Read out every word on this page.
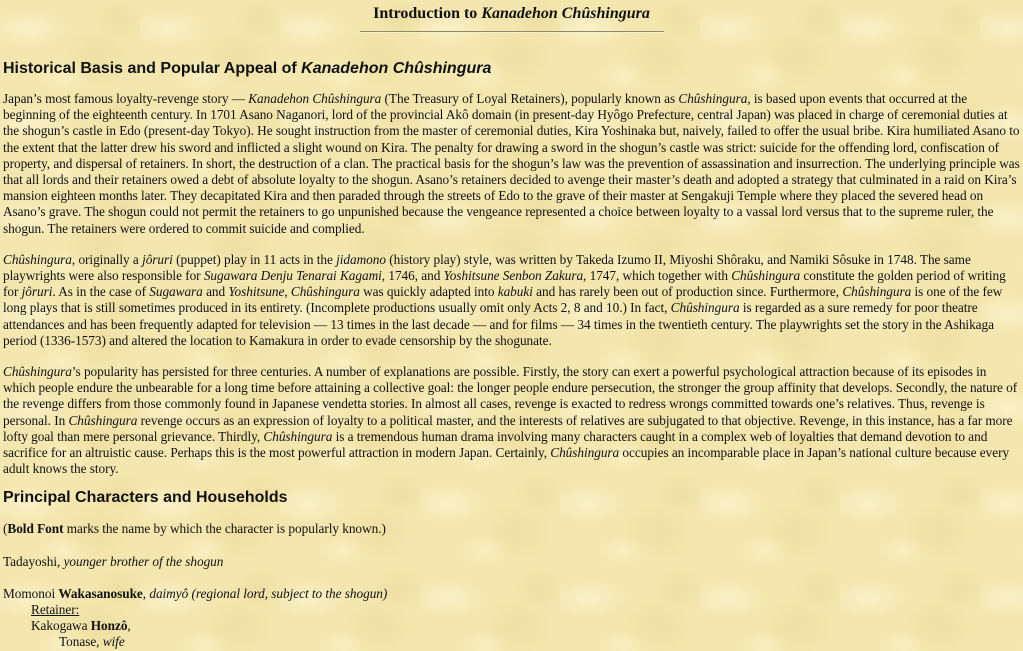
Introduction to Kanadehon Chûshingura
Historical Basis and Popular Appeal of Kanadehon Chûshingura

Japan’s most famous loyalty-revenge story — Kanadehon Chûshingura (The Treasury of Loyal Retainers), popularly known as Chûshingura, is based upon events that occurred at the beginning of the eighteenth century. In 1701 Asano Naganori, lord of the provincial Akô domain (in present-day Hyôgo Prefecture, central Japan) was placed in charge of ceremonial duties at the shogun’s castle in Edo (present-day Tokyo). He sought instruction from the master of ceremonial duties, Kira Yoshinaka but, naively, failed to offer the usual bribe. Kira humiliated Asano to the extent that the latter drew his sword and inflicted a slight wound on Kira. The penalty for drawing a sword in the shogun’s castle was strict: suicide for the offending lord, confiscation of property, and dispersal of retainers. In short, the destruction of a clan. The practical basis for the shogun’s law was the prevention of assassination and insurrection. The underlying principle was that all lords and their retainers owed a debt of absolute loyalty to the shogun. Asano’s retainers decided to avenge their master’s death and adopted a strategy that culminated in a raid on Kira’s mansion eighteen months later. They decapitated Kira and then paraded through the streets of Edo to the grave of their master at Sengakuji Temple where they placed the severed head on Asano’s grave. The shogun could not permit the retainers to go unpunished because the vengeance represented a choice between loyalty to a vassal lord versus that to the supreme ruler, the shogun. The retainers were ordered to commit suicide and complied.

Chûshingura, originally a jôruri (puppet) play in 11 acts in the jidamono (history play) style, was written by Takeda Izumo II, Miyoshi Shôraku, and Namiki Sôsuke in 1748. The same playwrights were also responsible for Sugawara Denju Tenarai Kagami, 1746, and Yoshitsune Senbon Zakura, 1747, which together with Chûshingura constitute the golden period of writing for jôruri. As in the case of Sugawara and Yoshitsune, Chûshingura was quickly adapted into kabuki and has rarely been out of production since. Furthermore, Chûshingura is one of the few long plays that is still sometimes produced in its entirety. (Incomplete productions usually omit only Acts 2, 8 and 10.) In fact, Chûshingura is regarded as a sure remedy for poor theatre attendances and has been frequently adapted for television — 13 times in the last decade — and for films — 34 times in the twentieth century. The playwrights set the story in the Ashikaga period (1336-1573) and altered the location to Kamakura in order to evade censorship by the shogunate.

Chûshingura’s popularity has persisted for three centuries. A number of explanations are possible. Firstly, the story can exert a powerful psychological attraction because of its episodes in which people endure the unbearable for a long time before attaining a collective goal: the longer people endure persecution, the stronger the group affinity that develops. Secondly, the nature of the revenge differs from those commonly found in Japanese vendetta stories. In almost all cases, revenge is exacted to redress wrongs committed towards one’s relatives. Thus, revenge is personal. In Chûshingura revenge occurs as an expression of loyalty to a political master, and the interests of relatives are subjugated to that objective. Revenge, in this instance, has a far more lofty goal than mere personal grievance. Thirdly, Chûshingura is a tremendous human drama involving many characters caught in a complex web of loyalties that demand devotion to and sacrifice for an altruistic cause. Perhaps this is the most powerful attraction in modern Japan. Certainly, Chûshingura occupies an incomparable place in Japan’s national culture because every adult knows the story.

Principal Characters and Households

(Bold Font marks the name by which the character is popularly known.)

Tadayoshi, younger brother of the shogun

Momonoi Wakasanosuke, daimyô (regional lord, subject to the shogun)

Retainer:

Kakogawa Honzô,

Tonase, wife
